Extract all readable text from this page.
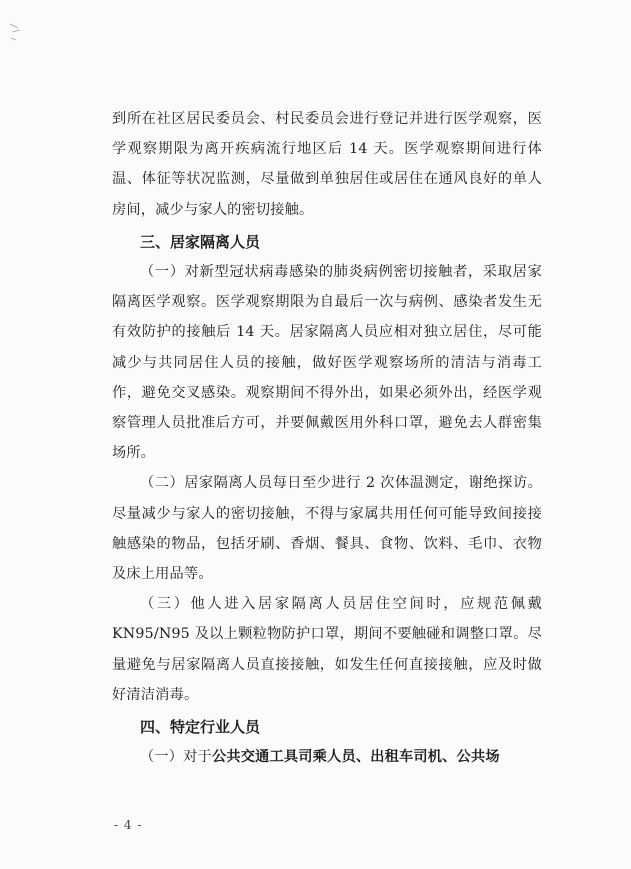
到所在社区居民委员会、村民委员会进行登记并进行医学观察，医学观察期限为离开疾病流行地区后 14 天。医学观察期间进行体温、体征等状况监测，尽量做到单独居住或居住在通风良好的单人房间，减少与家人的密切接触。

三、居家隔离人员

（一）对新型冠状病毒感染的肺炎病例密切接触者，采取居家隔离医学观察。医学观察期限为自最后一次与病例、感染者发生无有效防护的接触后 14 天。居家隔离人员应相对独立居住，尽可能减少与共同居住人员的接触，做好医学观察场所的清洁与消毒工作，避免交叉感染。观察期间不得外出，如果必须外出，经医学观察管理人员批准后方可，并要佩戴医用外科口罩，避免去人群密集场所。

（二）居家隔离人员每日至少进行 2 次体温测定，谢绝探访。尽量减少与家人的密切接触，不得与家属共用任何可能导致间接接触感染的物品，包括牙刷、香烟、餐具、食物、饮料、毛巾、衣物及床上用品等。

（三）他人进入居家隔离人员居住空间时，应规范佩戴 KN95/N95 及以上颗粒物防护口罩，期间不要触碰和调整口罩。尽量避免与居家隔离人员直接接触，如发生任何直接接触，应及时做好清洁消毒。

四、特定行业人员

（一）对于公共交通工具司乘人员、出租车司机、公共场

- 4 -
